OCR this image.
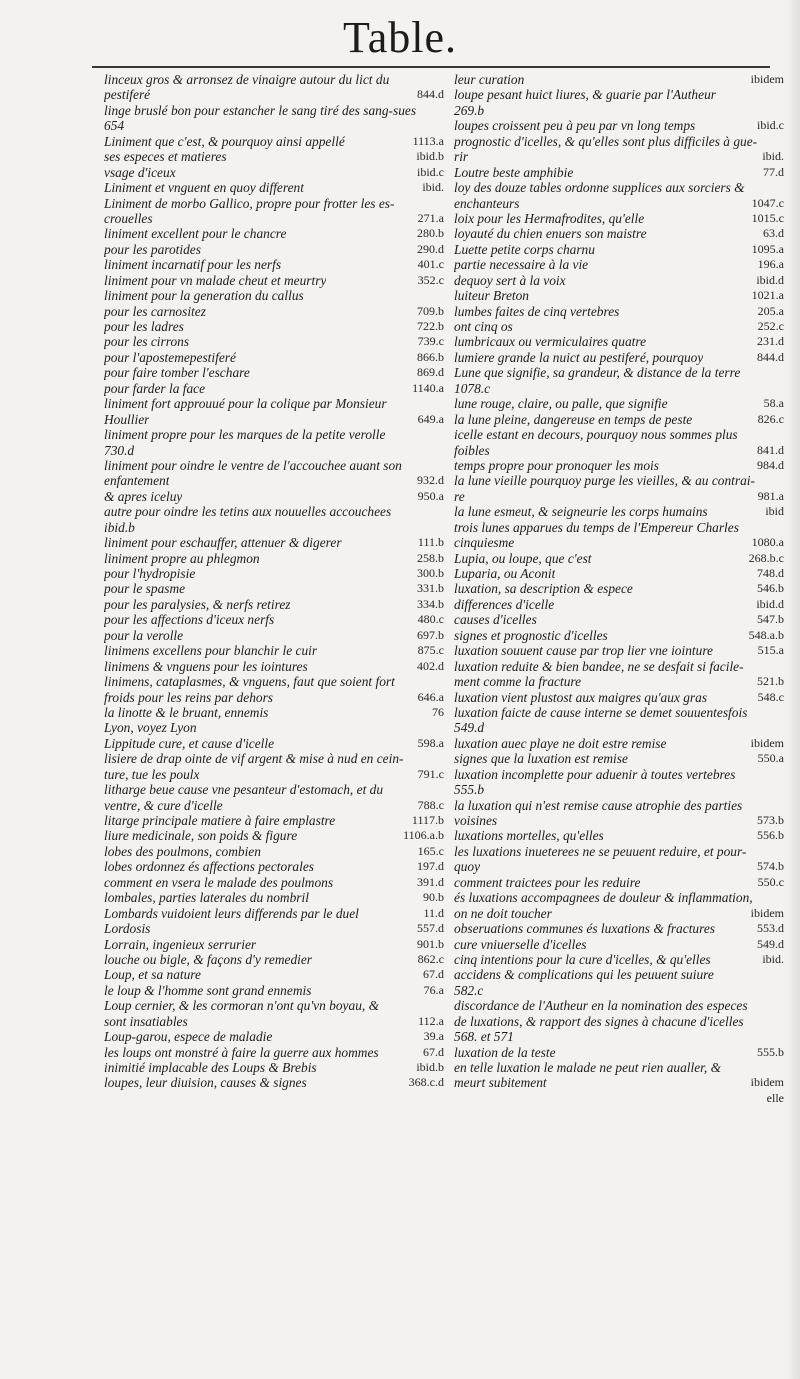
Table.
linceux gros & arronsez de vinaigre autour du lict du
pestiferé	844.d
linge bruslé bon pour estancher le sang tiré des sang-sues
654
Liniment que c'est, & pourquoy ainsi appellé	1113.a
ses especes et matieres	ibid.b
vsage d'iceux	ibid.c
Liniment et vnguent en quoy different	ibid.
Liniment de morbo Gallico, propre pour frotter les es-
crouelles	271.a
liniment excellent pour le chancre	280.b
pour les parotides	290.d
liniment incarnatif pour les nerfs	401.c
liniment pour vn malade cheut et meurtry	352.c
liniment pour la generation du callus
pour les carnositez	709.b
pour les ladres	722.b
pour les cirrons	739.c
pour l'apostemepestiferé	866.b
pour faire tomber l'eschare	869.d
pour farder la face	1140.a
liniment fort approuué pour la colique par Monsieur
Houllier	649.a
liniment propre pour les marques de la petite verolle
730.d
liniment pour oindre le ventre de l'accouchee auant son
enfantement	932.d
& apres iceluy	950.a
autre pour oindre les tetins aux nouuelles accouchees
ibid.b
liniment pour eschauffer, attenuer & digerer	111.b
liniment propre au phlegmon	258.b
pour l'hydropisie	300.b
pour le spasme	331.b
pour les paralysies, & nerfs retirez	334.b
pour les affections d'iceux nerfs	480.c
pour la verolle	697.b
linimens excellens pour blanchir le cuir	875.c
linimens & vnguens pour les iointures	402.d
linimens, cataplasmes, & vnguens, faut que soient fort
froids pour les reins par dehors	646.a
la linotte & le bruant, ennemis	76
Lyon, voyez Lyon
Lippitude cure, et cause d'icelle	598.a
lisiere de drap ointe de vif argent & mise à nud en cein-
ture, tue les poulx	791.c
litharge beue cause vne pesanteur d'estomach, et du
ventre, & cure d'icelle	788.c
litarge principale matiere à faire emplastre	1117.b
liure medicinale, son poids & figure	1106.a.b
lobes des poulmons, combien	165.c
lobes ordonnez és affections pectorales	197.d
comment en vsera le malade des poulmons	391.d
lombales, parties laterales du nombril	90.b
Lombards vuidoient leurs differends par le duel	11.d
Lordosis	557.d
Lorrain, ingenieux serrurier	901.b
louche ou bigle, & façons d'y remedier	862.c
Loup, et sa nature	67.d
le loup & l'homme sont grand ennemis	76.a
Loup cernier, & les cormoran n'ont qu'vn boyau, &
sont insatiables	112.a
Loup-garou, espece de maladie	39.a
les loups ont monstré à faire la guerre aux hommes	67.d
inimitié implacable des Loups & Brebis	ibid.b
loupes, leur diuision, causes & signes	368.c.d
leur curation	ibidem
loupe pesant huict liures, & guarie par l'Autheur
269.b
loupes croissent peu à peu par vn long temps	ibid.c
prognostic d'icelles, & qu'elles sont plus difficiles à gue-
rir	ibid.
Loutre beste amphibie	77.d
loy des douze tables ordonne supplices aux sorciers &
enchanteurs	1047.c
loix pour les Hermafrodites, qu'elle	1015.c
loyauté du chien enuers son maistre	63.d
Luette petite corps charnu	1095.a
partie necessaire à la vie	196.a
dequoy sert à la voix	ibid.d
luiteur Breton	1021.a
lumbes faites de cinq vertebres	205.a
ont cinq os	252.c
lumbricaux ou vermiculaires quatre	231.d
lumiere grande la nuict au pestiferé, pourquoy	844.d
Lune que signifie, sa grandeur, & distance de la terre
1078.c
lune rouge, claire, ou palle, que signifie	58.a
la lune pleine, dangereuse en temps de peste	826.c
icelle estant en decours, pourquoy nous sommes plus
foibles	841.d
temps propre pour pronoquer les mois	984.d
la lune vieille pourquoy purge les vieilles, & au contrai-
re	981.a
la lune esmeut, & seigneurie les corps humains	ibid
trois lunes apparues du temps de l'Empereur Charles
cinquiesme	1080.a
Lupia, ou loupe, que c'est	268.b.c
Luparia, ou Aconit	748.d
luxation, sa description & espece	546.b
differences d'icelle	ibid.d
causes d'icelles	547.b
signes et prognostic d'icelles	548.a.b
luxation souuent cause par trop lier vne iointure	515.a
luxation reduite & bien bandee, ne se desfait si facile-
ment comme la fracture	521.b
luxation vient plustost aux maigres qu'aux gras	548.c
luxation faicte de cause interne se demet souuentesfois
549.d
luxation auec playe ne doit estre remise	ibidem
signes que la luxation est remise	550.a
luxation incomplette pour aduenir à toutes vertebres
555.b
la luxation qui n'est remise cause atrophie des parties
voisines	573.b
luxations mortelles, qu'elles	556.b
les luxations inueterees ne se peuuent reduire, et pour-
quoy	574.b
comment traictees pour les reduire	550.c
és luxations accompagnees de douleur & inflammation,
on ne doit toucher	ibidem
obseruations communes és luxations & fractures	553.d
cure vniuerselle d'icelles	549.d
cinq intentions pour la cure d'icelles, & qu'elles	ibid.
accidens & complications qui les peuuent suiure
582.c
discordance de l'Autheur en la nomination des especes
de luxations, & rapport des signes à chacune d'icelles
568. et 571
luxation de la teste	555.b
en telle luxation le malade ne peut rien aualler, &
meurt subitement	ibidem
elle
